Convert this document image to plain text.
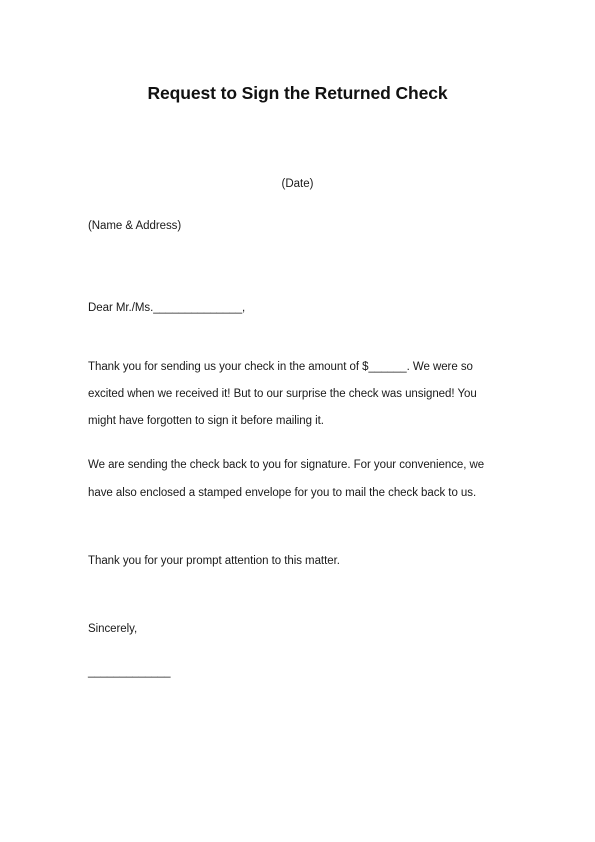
Request to Sign the Returned Check
(Date)
(Name & Address)
Dear Mr./Ms.______________,
Thank you for sending us your check in the amount of $______. We were so
excited when we received it! But to our surprise the check was unsigned! You
might have forgotten to sign it before mailing it.
We are sending the check back to you for signature. For your convenience, we
have also enclosed a stamped envelope for you to mail the check back to us.
Thank you for your prompt attention to this matter.
Sincerely,
_____________
